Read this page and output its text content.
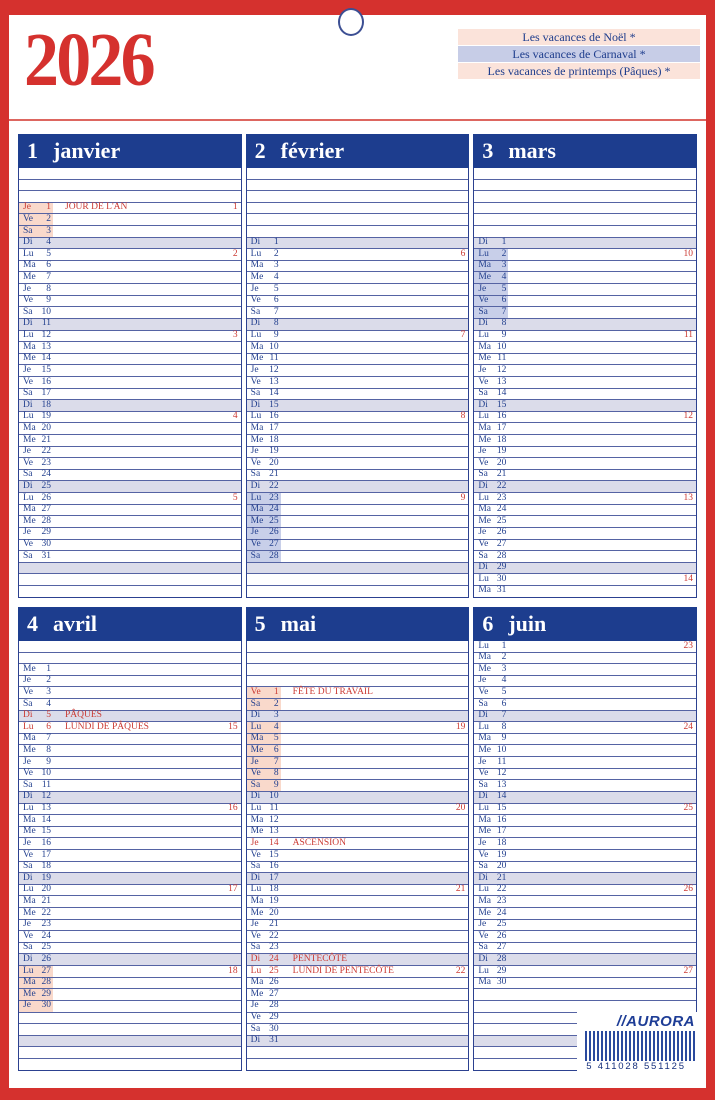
2026	Les vacances de Noël *
Les vacances de Carnaval *
Les vacances de printemps (Pâques) *
1 janvier
Je	1 JOUR DE L'AN	1
Ve	2
Sa	3
Di	4
Lu	5	2
Ma	6
Me	7
Je	8
Ve	9
Sa 10
Di 11
Lu 12	3
Ma 13
Me 14
Je	15
Ve 16
Sa 17
Di 18
Lu 19	4
Ma 20
Me 21
Je	22
Ve 23
Sa 24
Di 25
Lu 26	5
Ma 27
Me 28
Je	29
Ve 30
Sa 31
2 février
Di	1
Lu	2	6
Ma	3
Me	4
Je	5
Ve	6
Sa	7
Di	8
Lu	9	7
Ma 10
Me 11
Je	12
Ve 13
Sa 14
Di 15
Lu 16	8
Ma 17
Me 18
Je	19
Ve 20
Sa 21
Di 22
Lu 23	9
Ma 24
Me 25
Je	26
Ve 27
Sa 28
3 mars
Di	1
Lu	2	10
Ma	3
Me	4
Je	5
Ve	6
Sa	7
Di	8
Lu	9	11
Ma 10
Me 11
Je	12
Ve 13
Sa 14
Di 15
Lu 16	12
Ma 17
Me 18
Je	19
Ve 20
Sa 21
Di 22
Lu 23	13
Ma 24
Me 25
Je	26
Ve 27
Sa 28
Di 29
Lu 30	14
Ma 31
4 avril
Me	1
Je	2
Ve	3
Sa	4
Di	5 PÂQUES
Lu	6 LUNDI DE PÂQUES	15
Ma	7
Me	8
Je	9
Ve 10
Sa 11
Di 12
Lu 13	16
Ma 14
Me 15
Je	16
Ve 17
Sa 18
Di 19
Lu 20	17
Ma 21
Me 22
Je	23
Ve 24
Sa 25
Di 26
Lu 27	18
Ma 28
Me 29
Je	30
5 mai
Ve	1 FÊTE DU TRAVAIL
Sa	2
Di	3
Lu	4	19
Ma	5
Me	6
Je	7
Ve	8
Sa	9
Di 10
Lu 11	20
Ma 12
Me 13
Je	14 ASCENSION
Ve 15
Sa 16
Di 17
Lu 18	21
Ma 19
Me 20
Je	21
Ve 22
Sa 23
Di 24 PENTECÔTE
Lu 25 LUNDI DE PENTECÔTE	22
Ma 26
Me 27
Je	28
Ve 29
Sa 30
Di 31
6 juin
Lu	1	23
Ma	2
Me	3
Je	4
Ve	5
Sa	6
Di	7
Lu	8	24
Ma	9
Me 10
Je	11
Ve 12
Sa 13
Di 14
Lu 15	25
Ma 16
Me 17
Je	18
Ve 19
Sa 20
Di 21
Lu 22	26
Ma 23
Me 24
Je	25
Ve 26
Sa 27
Di 28
Lu 29	27
Ma 30
//AURORA
5 411028 551125
